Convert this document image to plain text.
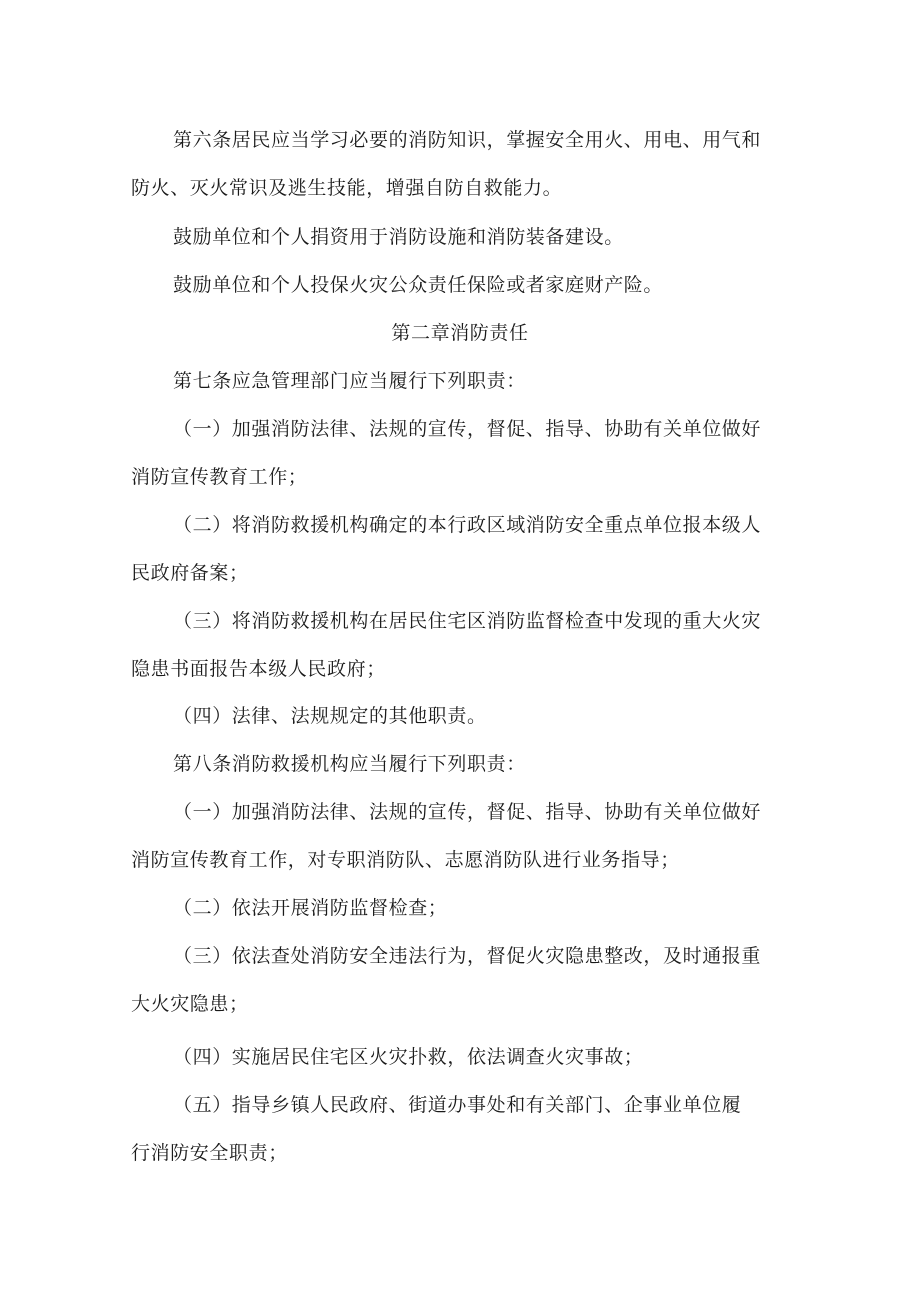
第六条居民应当学习必要的消防知识，掌握安全用火、用电、用气和
防火、灭火常识及逃生技能，增强自防自救能力。
鼓励单位和个人捐资用于消防设施和消防装备建设。
鼓励单位和个人投保火灾公众责任保险或者家庭财产险。
第二章消防责任
第七条应急管理部门应当履行下列职责：
（一）加强消防法律、法规的宣传，督促、指导、协助有关单位做好
消防宣传教育工作；
（二）将消防救援机构确定的本行政区域消防安全重点单位报本级人
民政府备案；
（三）将消防救援机构在居民住宅区消防监督检查中发现的重大火灾
隐患书面报告本级人民政府；
（四）法律、法规规定的其他职责。
第八条消防救援机构应当履行下列职责：
（一）加强消防法律、法规的宣传，督促、指导、协助有关单位做好
消防宣传教育工作，对专职消防队、志愿消防队进行业务指导；
（二）依法开展消防监督检查；
（三）依法查处消防安全违法行为，督促火灾隐患整改，及时通报重
大火灾隐患；
（四）实施居民住宅区火灾扑救，依法调查火灾事故；
（五）指导乡镇人民政府、街道办事处和有关部门、企事业单位履
行消防安全职责；
